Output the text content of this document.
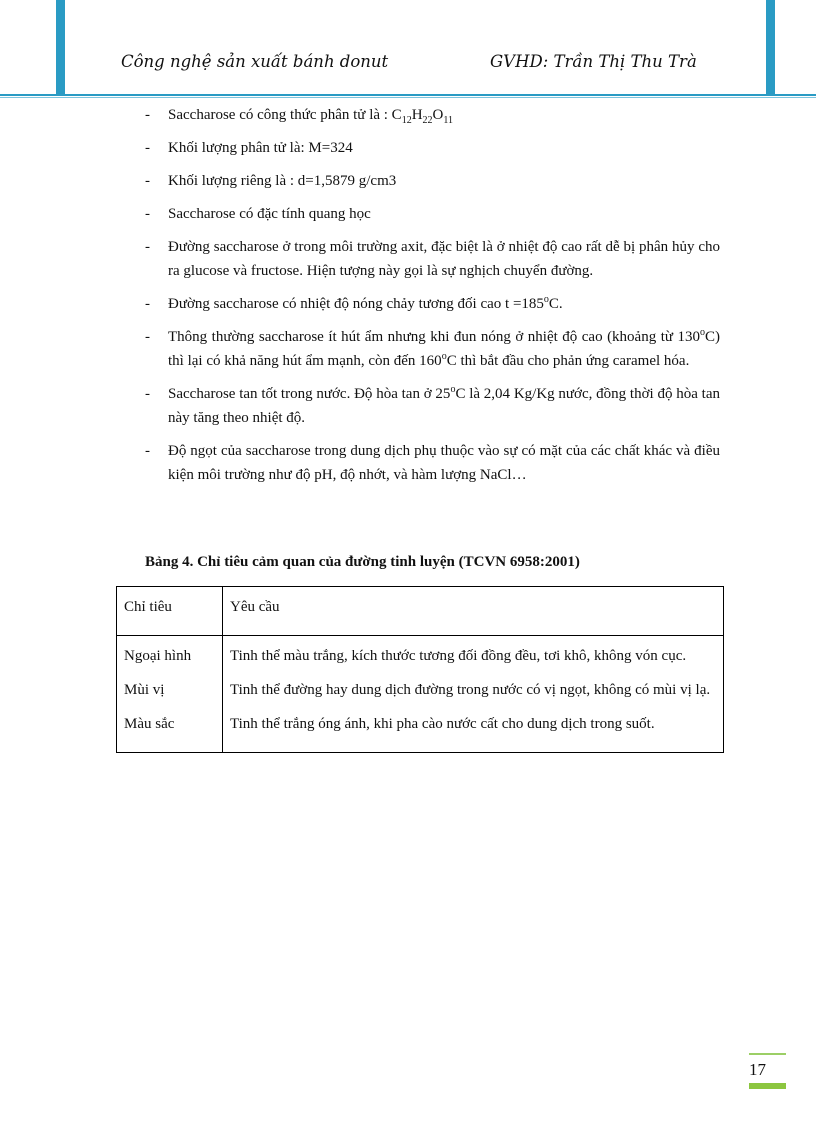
Công nghệ sản xuất bánh donut	GVHD: Trần Thị Thu Trà
- Saccharose có công thức phân tử là : $C_{12}H_{22}O_{11}$
- Khối lượng phân tử là: M=324
- Khối lượng riêng là : d=1,5879 g/cm3
- Saccharose có đặc tính quang học
- Đường saccharose ở trong môi trường axit, đặc biệt là ở nhiệt độ cao rất dễ bị phân hủy cho ra glucose và fructose. Hiện tượng này gọi là sự nghịch chuyển đường.
- Đường saccharose có nhiệt độ nóng chảy tương đối cao $t =185^oC$.
- Thông thường saccharose ít hút ẩm nhưng khi đun nóng ở nhiệt độ cao (khoảng từ 130$^o$C) thì lại có khả năng hút ẩm mạnh, còn đến 160$^o$C thì bắt đầu cho phản ứng caramel hóa.
- Saccharose tan tốt trong nước. Độ hòa tan ở 25$^o$C là 2,04 Kg/Kg nước, đồng thời độ hòa tan này tăng theo nhiệt độ.
- Độ ngọt của saccharose trong dung dịch phụ thuộc vào sự có mặt của các chất khác và điều kiện môi trường như độ pH, độ nhớt, và hàm lượng NaCl…
Bảng 4. Chỉ tiêu cảm quan của đường tinh luyện (TCVN 6958:2001)
Chỉ tiêu	Yêu cầu
Ngoại hình	Tinh thể màu trắng, kích thước tương đối đồng đều, tơi khô, không vón cục.
Mùi vị	Tinh thể đường hay dung dịch đường trong nước có vị ngọt, không có mùi vị lạ.
Màu sắc	Tinh thể trắng óng ánh, khi pha cào nước cất cho dung dịch trong suốt.
17
